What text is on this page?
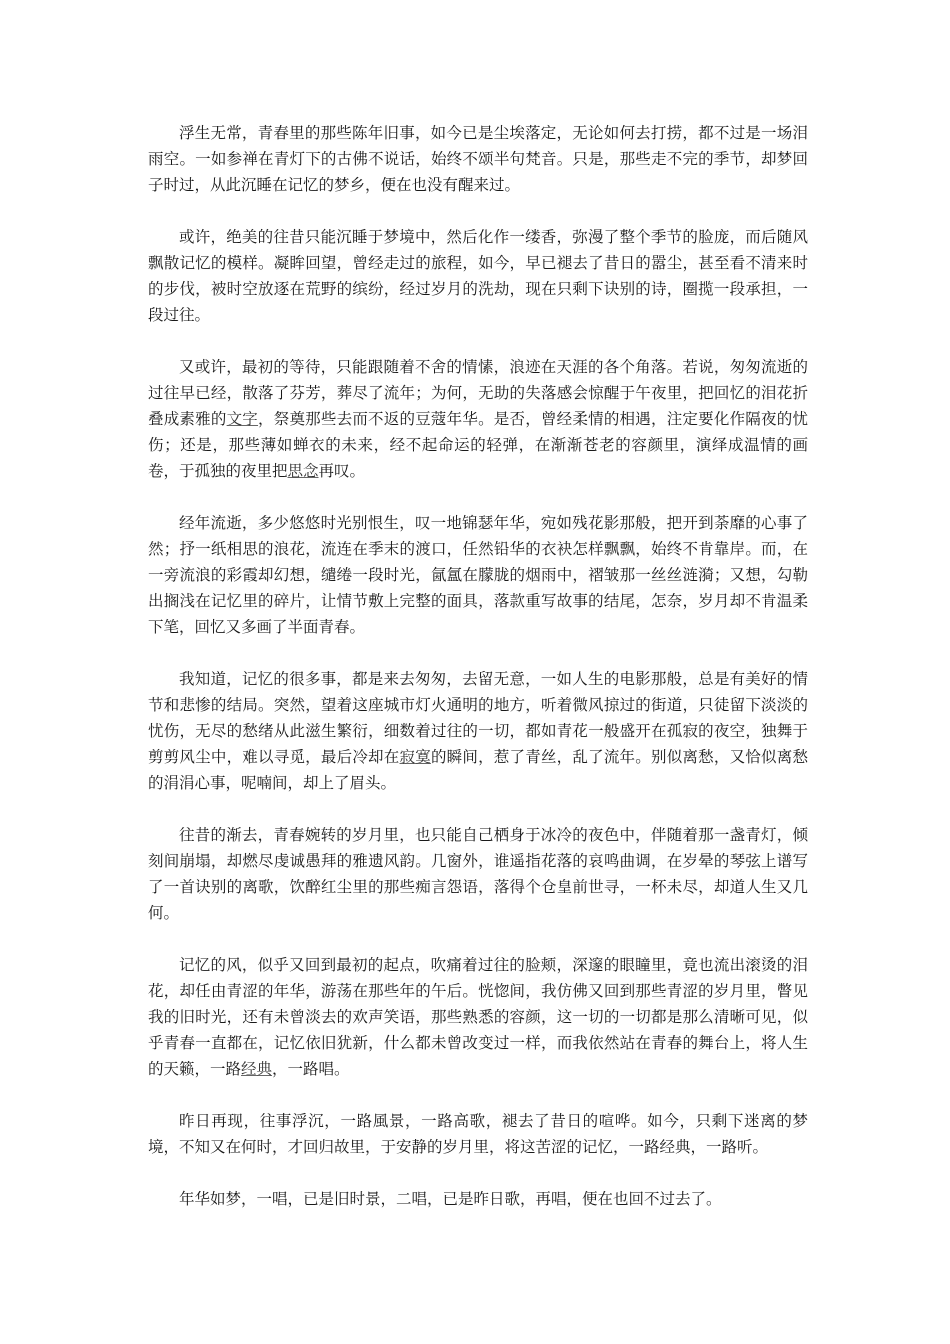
浮生无常，青春里的那些陈年旧事，如今已是尘埃落定，无论如何去打捞，都不过是一场泪雨空。一如参禅在青灯下的古佛不说话，始终不颂半句梵音。只是，那些走不完的季节，却梦回子时过，从此沉睡在记忆的梦乡，便在也没有醒来过。

或许，绝美的往昔只能沉睡于梦境中，然后化作一缕香，弥漫了整个季节的脸庞，而后随风飘散记忆的模样。凝眸回望，曾经走过的旅程，如今，早已褪去了昔日的嚣尘，甚至看不清来时的步伐，被时空放逐在荒野的缤纷，经过岁月的洗劫，现在只剩下诀别的诗，圈揽一段承担，一段过往。

又或许，最初的等待，只能跟随着不舍的情愫，浪迹在天涯的各个角落。若说，匆匆流逝的过往早已经，散落了芬芳，葬尽了流年；为何，无助的失落感会惊醒于午夜里，把回忆的泪花折叠成素雅的文字，祭奠那些去而不返的豆蔻年华。是否，曾经柔情的相遇，注定要化作隔夜的忧伤；还是，那些薄如蝉衣的未来，经不起命运的轻弹，在渐渐苍老的容颜里，演绎成温情的画卷，于孤独的夜里把思念再叹。

经年流逝，多少悠悠时光别恨生，叹一地锦瑟年华，宛如残花影那般，把开到荼靡的心事了然；抒一纸相思的浪花，流连在季末的渡口，任然铅华的衣袂怎样飘飘，始终不肯靠岸。而，在一旁流浪的彩霞却幻想，缱绻一段时光，氤氲在朦胧的烟雨中，褶皱那一丝丝涟漪；又想，勾勒出搁浅在记忆里的碎片，让情节敷上完整的面具，落款重写故事的结尾，怎奈，岁月却不肯温柔下笔，回忆又多画了半面青春。

我知道，记忆的很多事，都是来去匆匆，去留无意，一如人生的电影那般，总是有美好的情节和悲惨的结局。突然，望着这座城市灯火通明的地方，听着微风掠过的街道，只徒留下淡淡的忧伤，无尽的愁绪从此滋生繁衍，细数着过往的一切，都如青花一般盛开在孤寂的夜空，独舞于剪剪风尘中，难以寻觅，最后冷却在寂寞的瞬间，惹了青丝，乱了流年。别似离愁，又恰似离愁的涓涓心事，呢喃间，却上了眉头。

往昔的渐去，青春婉转的岁月里，也只能自己栖身于冰冷的夜色中，伴随着那一盏青灯，倾刻间崩塌，却燃尽虔诚愚拜的雅遗风韵。几窗外，谁遥指花落的哀鸣曲调，在岁晕的琴弦上谱写了一首诀别的离歌，饮醉红尘里的那些痴言怨语，落得个仓皇前世寻，一杯未尽，却道人生又几何。

记忆的风，似乎又回到最初的起点，吹痛着过往的脸颊，深邃的眼瞳里，竟也流出滚烫的泪花，却任由青涩的年华，游荡在那些年的午后。恍惚间，我仿佛又回到那些青涩的岁月里，瞥见我的旧时光，还有未曾淡去的欢声笑语，那些熟悉的容颜，这一切的一切都是那么清晰可见，似乎青春一直都在，记忆依旧犹新，什么都未曾改变过一样，而我依然站在青春的舞台上，将人生的天籁，一路经典，一路唱。

昨日再现，往事浮沉，一路風景，一路高歌，褪去了昔日的喧哗。如今，只剩下迷离的梦境，不知又在何时，才回归故里，于安静的岁月里，将这苦涩的记忆，一路经典，一路听。

年华如梦，一唱，已是旧时景，二唱，已是昨日歌，再唱，便在也回不过去了。
